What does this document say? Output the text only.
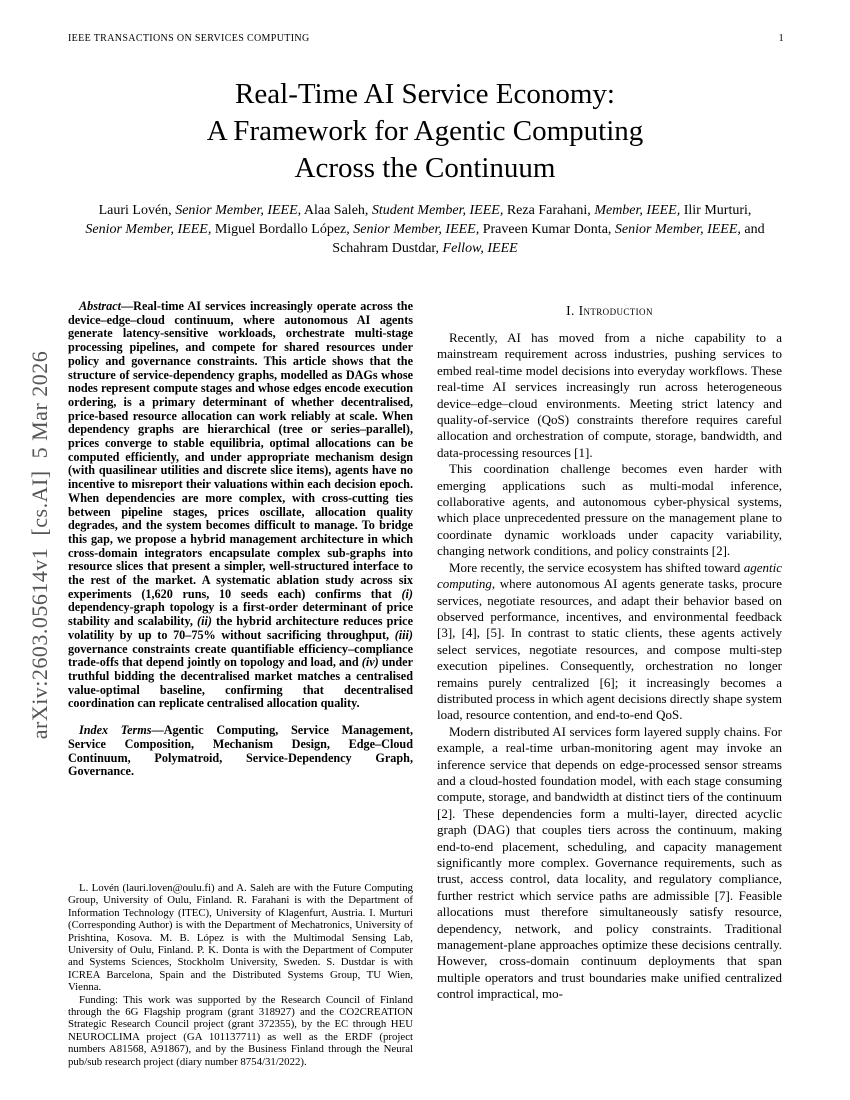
IEEE TRANSACTIONS ON SERVICES COMPUTING	1
arXiv:2603.05614v1  [cs.AI]  5 Mar 2026
Real-Time AI Service Economy:
A Framework for Agentic Computing
Across the Continuum
Lauri Lovén, Senior Member, IEEE, Alaa Saleh, Student Member, IEEE, Reza Farahani, Member, IEEE, Ilir Murturi, Senior Member, IEEE, Miguel Bordallo López, Senior Member, IEEE, Praveen Kumar Donta, Senior Member, IEEE, and Schahram Dustdar, Fellow, IEEE

Abstract—Real-time AI services increasingly operate across the device–edge–cloud continuum, where autonomous AI agents generate latency-sensitive workloads, orchestrate multi-stage processing pipelines, and compete for shared resources under policy and governance constraints. This article shows that the structure of service-dependency graphs, modelled as DAGs whose nodes represent compute stages and whose edges encode execution ordering, is a primary determinant of whether decentralised, price-based resource allocation can work reliably at scale. When dependency graphs are hierarchical (tree or series–parallel), prices converge to stable equilibria, optimal allocations can be computed efficiently, and under appropriate mechanism design (with quasilinear utilities and discrete slice items), agents have no incentive to misreport their valuations within each decision epoch. When dependencies are more complex, with cross-cutting ties between pipeline stages, prices oscillate, allocation quality degrades, and the system becomes difficult to manage. To bridge this gap, we propose a hybrid management architecture in which cross-domain integrators encapsulate complex sub-graphs into resource slices that present a simpler, well-structured interface to the rest of the market. A systematic ablation study across six experiments (1,620 runs, 10 seeds each) confirms that (i) dependency-graph topology is a first-order determinant of price stability and scalability, (ii) the hybrid architecture reduces price volatility by up to 70–75% without sacrificing throughput, (iii) governance constraints create quantifiable efficiency–compliance trade-offs that depend jointly on topology and load, and (iv) under truthful bidding the decentralised market matches a centralised value-optimal baseline, confirming that decentralised coordination can replicate centralised allocation quality.

Index Terms—Agentic Computing, Service Management, Service Composition, Mechanism Design, Edge–Cloud Continuum, Polymatroid, Service-Dependency Graph, Governance.

L. Lovén (lauri.loven@oulu.fi) and A. Saleh are with the Future Computing Group, University of Oulu, Finland. R. Farahani is with the Department of Information Technology (ITEC), University of Klagenfurt, Austria. I. Murturi (Corresponding Author) is with the Department of Mechatronics, University of Prishtina, Kosova. M. B. López is with the Multimodal Sensing Lab, University of Oulu, Finland. P. K. Donta is with the Department of Computer and Systems Sciences, Stockholm University, Sweden. S. Dustdar is with ICREA Barcelona, Spain and the Distributed Systems Group, TU Wien, Vienna.

Funding: This work was supported by the Research Council of Finland through the 6G Flagship program (grant 318927) and the CO2CREATION Strategic Research Council project (grant 372355), by the EC through HEU NEUROCLIMA project (GA 101137711) as well as the ERDF (project numbers A81568, A91867), and by the Business Finland through the Neural pub/sub research project (diary number 8754/31/2022).

I. Introduction

Recently, AI has moved from a niche capability to a mainstream requirement across industries, pushing services to embed real-time model decisions into everyday workflows. These real-time AI services increasingly run across heterogeneous device–edge–cloud environments. Meeting strict latency and quality-of-service (QoS) constraints therefore requires careful allocation and orchestration of compute, storage, bandwidth, and data-processing resources [1].

This coordination challenge becomes even harder with emerging applications such as multi-modal inference, collaborative agents, and autonomous cyber-physical systems, which place unprecedented pressure on the management plane to coordinate dynamic workloads under capacity variability, changing network conditions, and policy constraints [2].

More recently, the service ecosystem has shifted toward agentic computing, where autonomous AI agents generate tasks, procure services, negotiate resources, and adapt their behavior based on observed performance, incentives, and environmental feedback [3], [4], [5]. In contrast to static clients, these agents actively select services, negotiate resources, and compose multi-step execution pipelines. Consequently, orchestration no longer remains purely centralized [6]; it increasingly becomes a distributed process in which agent decisions directly shape system load, resource contention, and end-to-end QoS.

Modern distributed AI services form layered supply chains. For example, a real-time urban-monitoring agent may invoke an inference service that depends on edge-processed sensor streams and a cloud-hosted foundation model, with each stage consuming compute, storage, and bandwidth at distinct tiers of the continuum [2]. These dependencies form a multi-layer, directed acyclic graph (DAG) that couples tiers across the continuum, making end-to-end placement, scheduling, and capacity management significantly more complex. Governance requirements, such as trust, access control, data locality, and regulatory compliance, further restrict which service paths are admissible [7]. Feasible allocations must therefore simultaneously satisfy resource, dependency, network, and policy constraints. Traditional management-plane approaches optimize these decisions centrally. However, cross-domain continuum deployments that span multiple operators and trust boundaries make unified centralized control impractical, mo-
